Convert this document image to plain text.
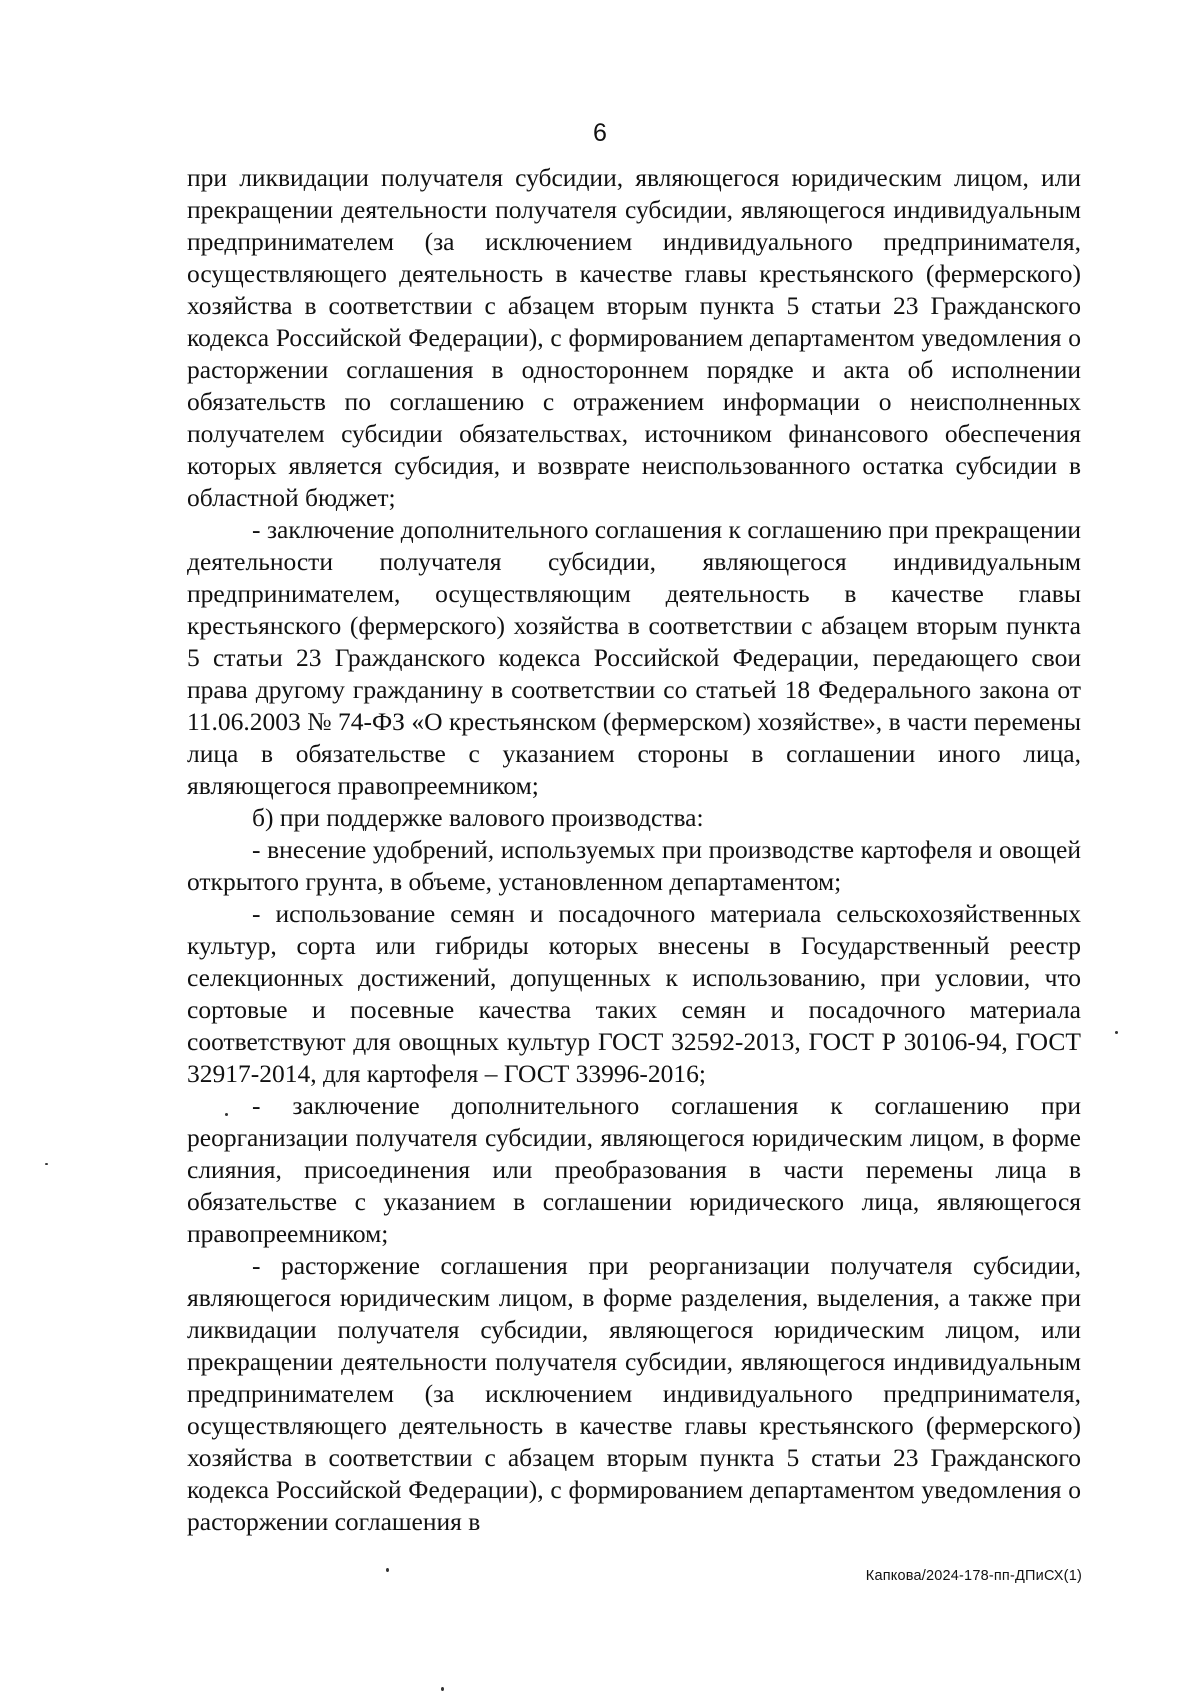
6

при ликвидации получателя субсидии, являющегося юридическим лицом, или прекращении деятельности получателя субсидии, являющегося индивидуальным предпринимателем (за исключением индивидуального предпринимателя, осуществляющего деятельность в качестве главы крестьянского (фермерского) хозяйства в соответствии с абзацем вторым пункта 5 статьи 23 Гражданского кодекса Российской Федерации), с формированием департаментом уведомления о расторжении соглашения в одностороннем порядке и акта об исполнении обязательств по соглашению с отражением информации о неисполненных получателем субсидии обязательствах, источником финансового обеспечения которых является субсидия, и возврате неиспользованного остатка субсидии в областной бюджет;

- заключение дополнительного соглашения к соглашению при прекращении деятельности получателя субсидии, являющегося индивидуальным предпринимателем, осуществляющим деятельность в качестве главы крестьянского (фермерского) хозяйства в соответствии с абзацем вторым пункта 5 статьи 23 Гражданского кодекса Российской Федерации, передающего свои права другому гражданину в соответствии со статьей 18 Федерального закона от 11.06.2003 № 74-ФЗ «О крестьянском (фермерском) хозяйстве», в части перемены лица в обязательстве с указанием стороны в соглашении иного лица, являющегося правопреемником;

б) при поддержке валового производства:

- внесение удобрений, используемых при производстве картофеля и овощей открытого грунта, в объеме, установленном департаментом;

- использование семян и посадочного материала сельскохозяйственных культур, сорта или гибриды которых внесены в Государственный реестр селекционных достижений, допущенных к использованию, при условии, что сортовые и посевные качества таких семян и посадочного материала соответствуют для овощных культур ГОСТ 32592-2013, ГОСТ Р 30106-94, ГОСТ 32917-2014, для картофеля – ГОСТ 33996-2016;

- заключение дополнительного соглашения к соглашению при реорганизации получателя субсидии, являющегося юридическим лицом, в форме слияния, присоединения или преобразования в части перемены лица в обязательстве с указанием в соглашении юридического лица, являющегося правопреемником;

- расторжение соглашения при реорганизации получателя субсидии, являющегося юридическим лицом, в форме разделения, выделения, а также при ликвидации получателя субсидии, являющегося юридическим лицом, или прекращении деятельности получателя субсидии, являющегося индивидуальным предпринимателем (за исключением индивидуального предпринимателя, осуществляющего деятельность в качестве главы крестьянского (фермерского) хозяйства в соответствии с абзацем вторым пункта 5 статьи 23 Гражданского кодекса Российской Федерации), с формированием департаментом уведомления о расторжении соглашения в

Капкова/2024-178-пп-ДПиСХ(1)
